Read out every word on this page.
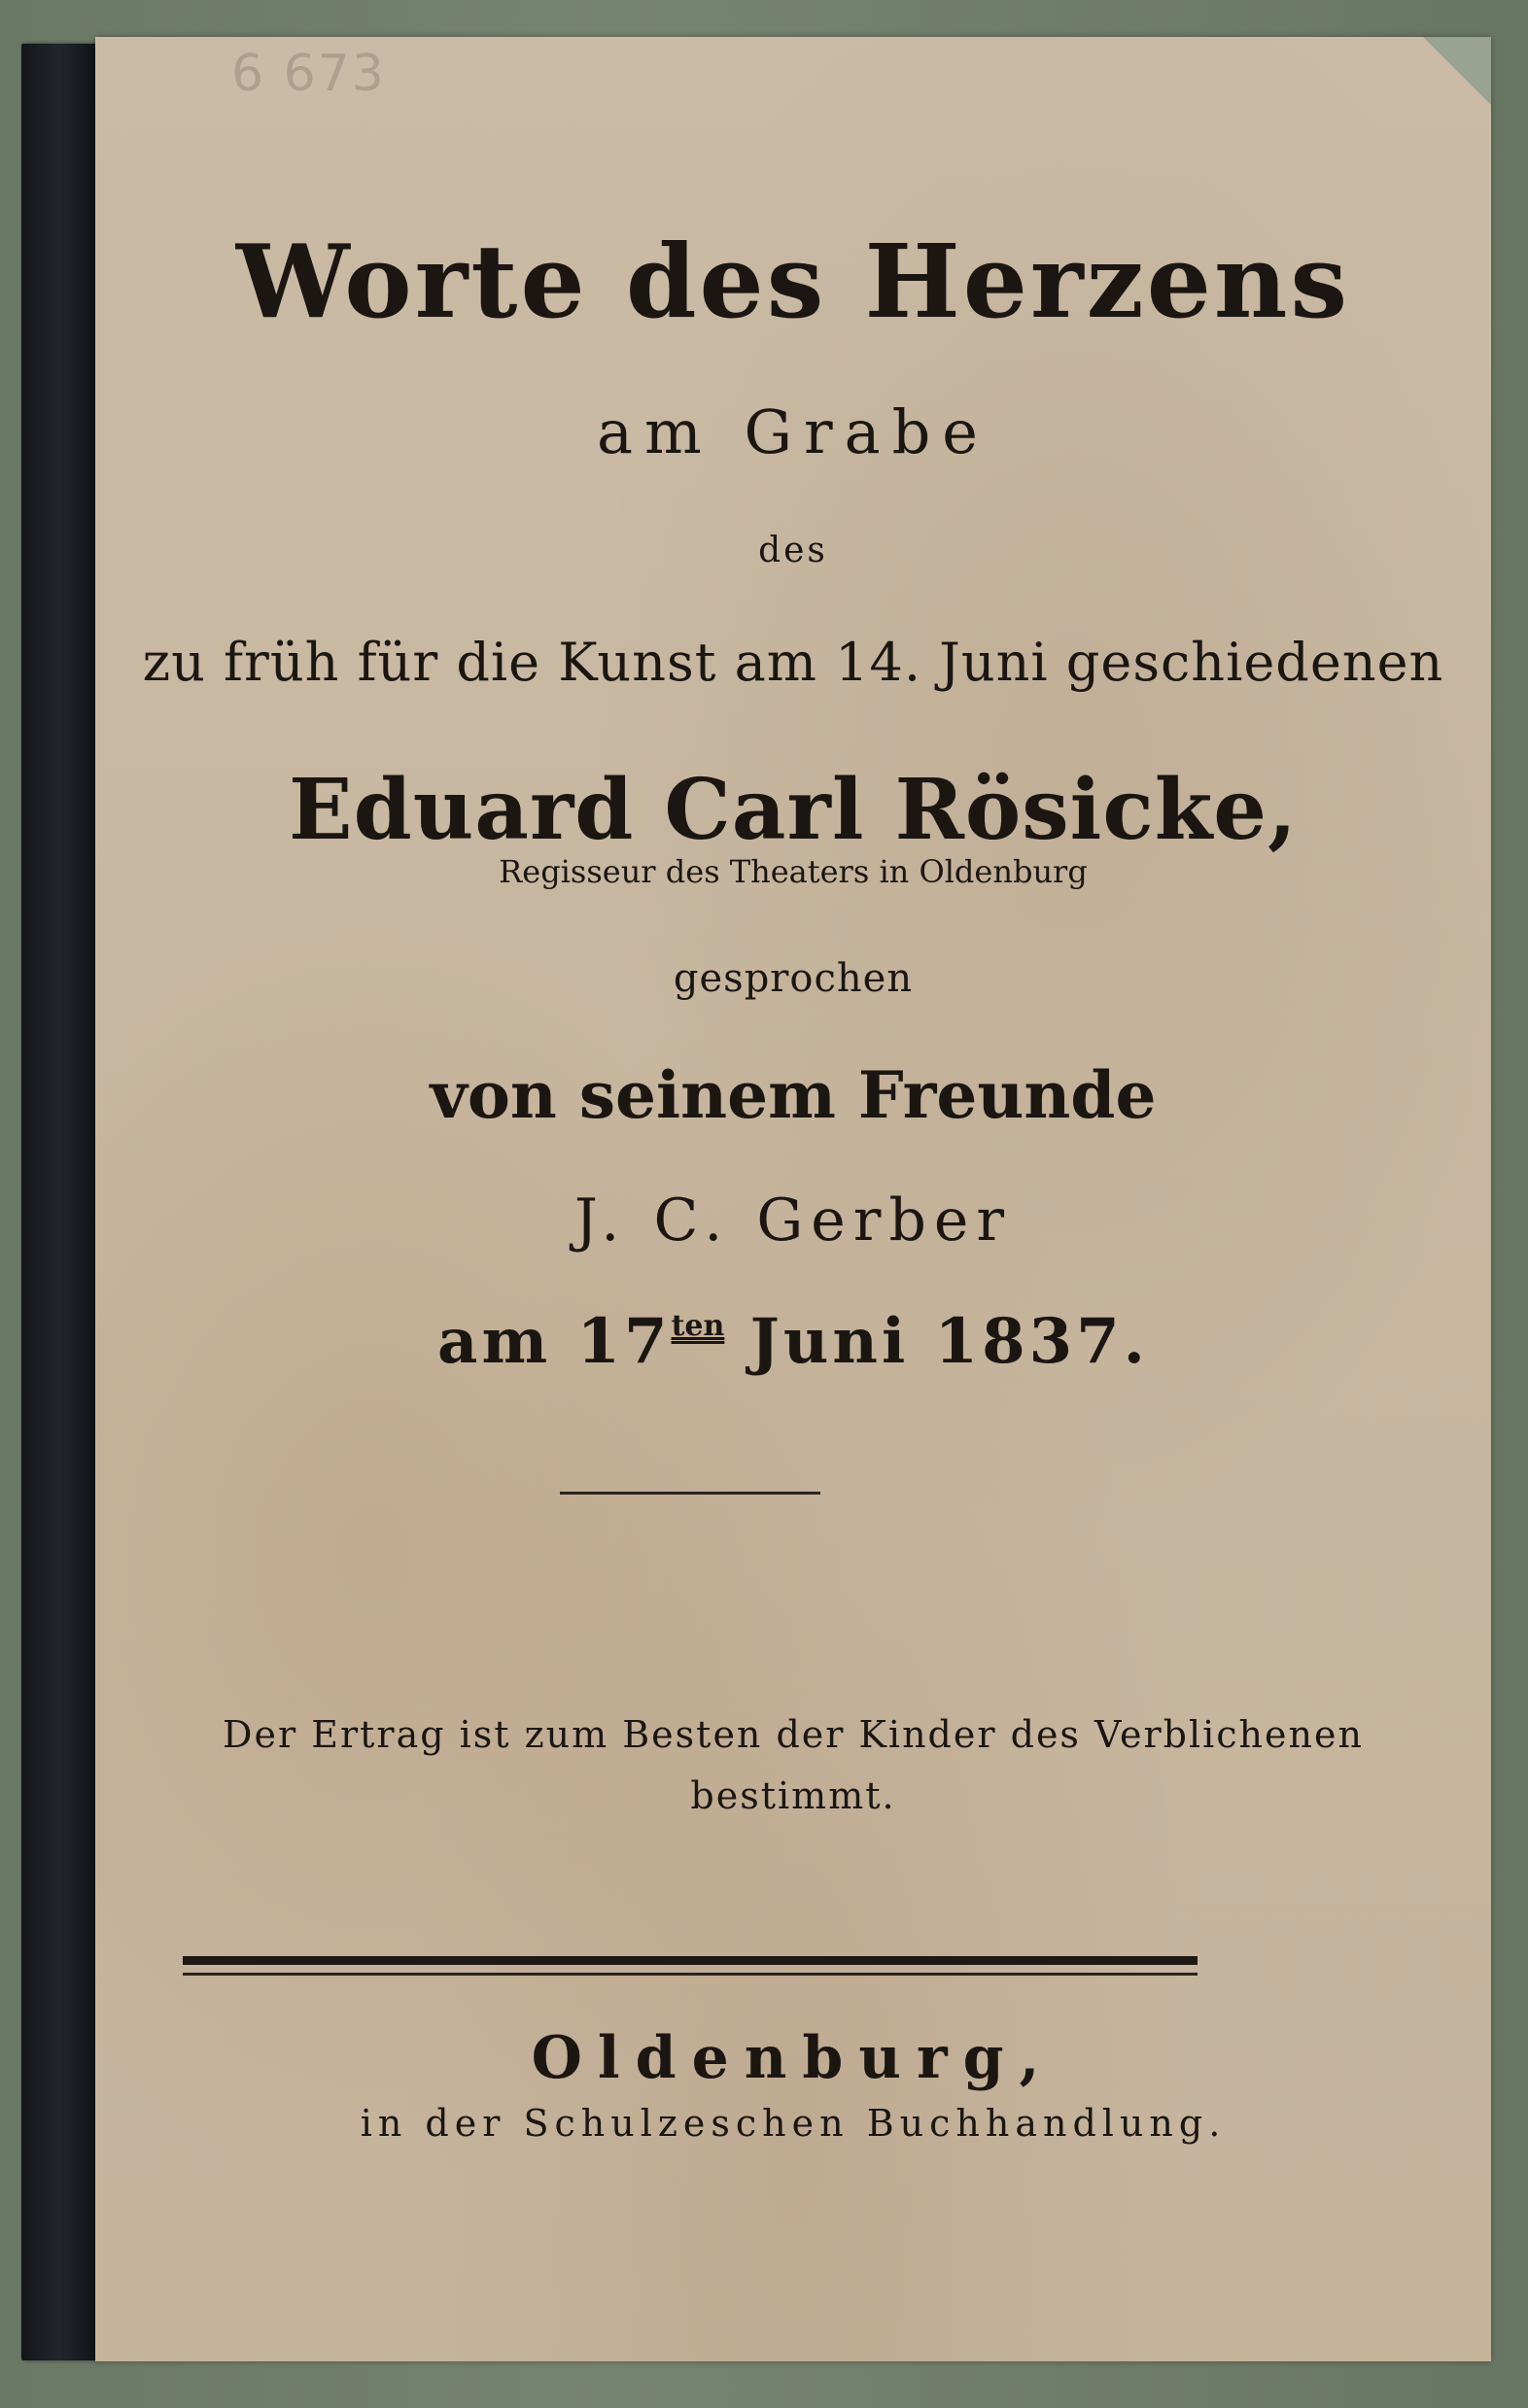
6 673
Worte des Herzens
am Grabe
des
zu früh für die Kunst am 14. Juni geschiedenen
Eduard Carl Rösicke,
Regisseur des Theaters in Oldenburg
gesprochen
von seinem Freunde
J. C. Gerber
am $17^{ten}$ Juni 1837.
Der Ertrag ist zum Besten der Kinder des Verblichenen
bestimmt.
Oldenburg,
in der Schulzeschen Buchhandlung.
